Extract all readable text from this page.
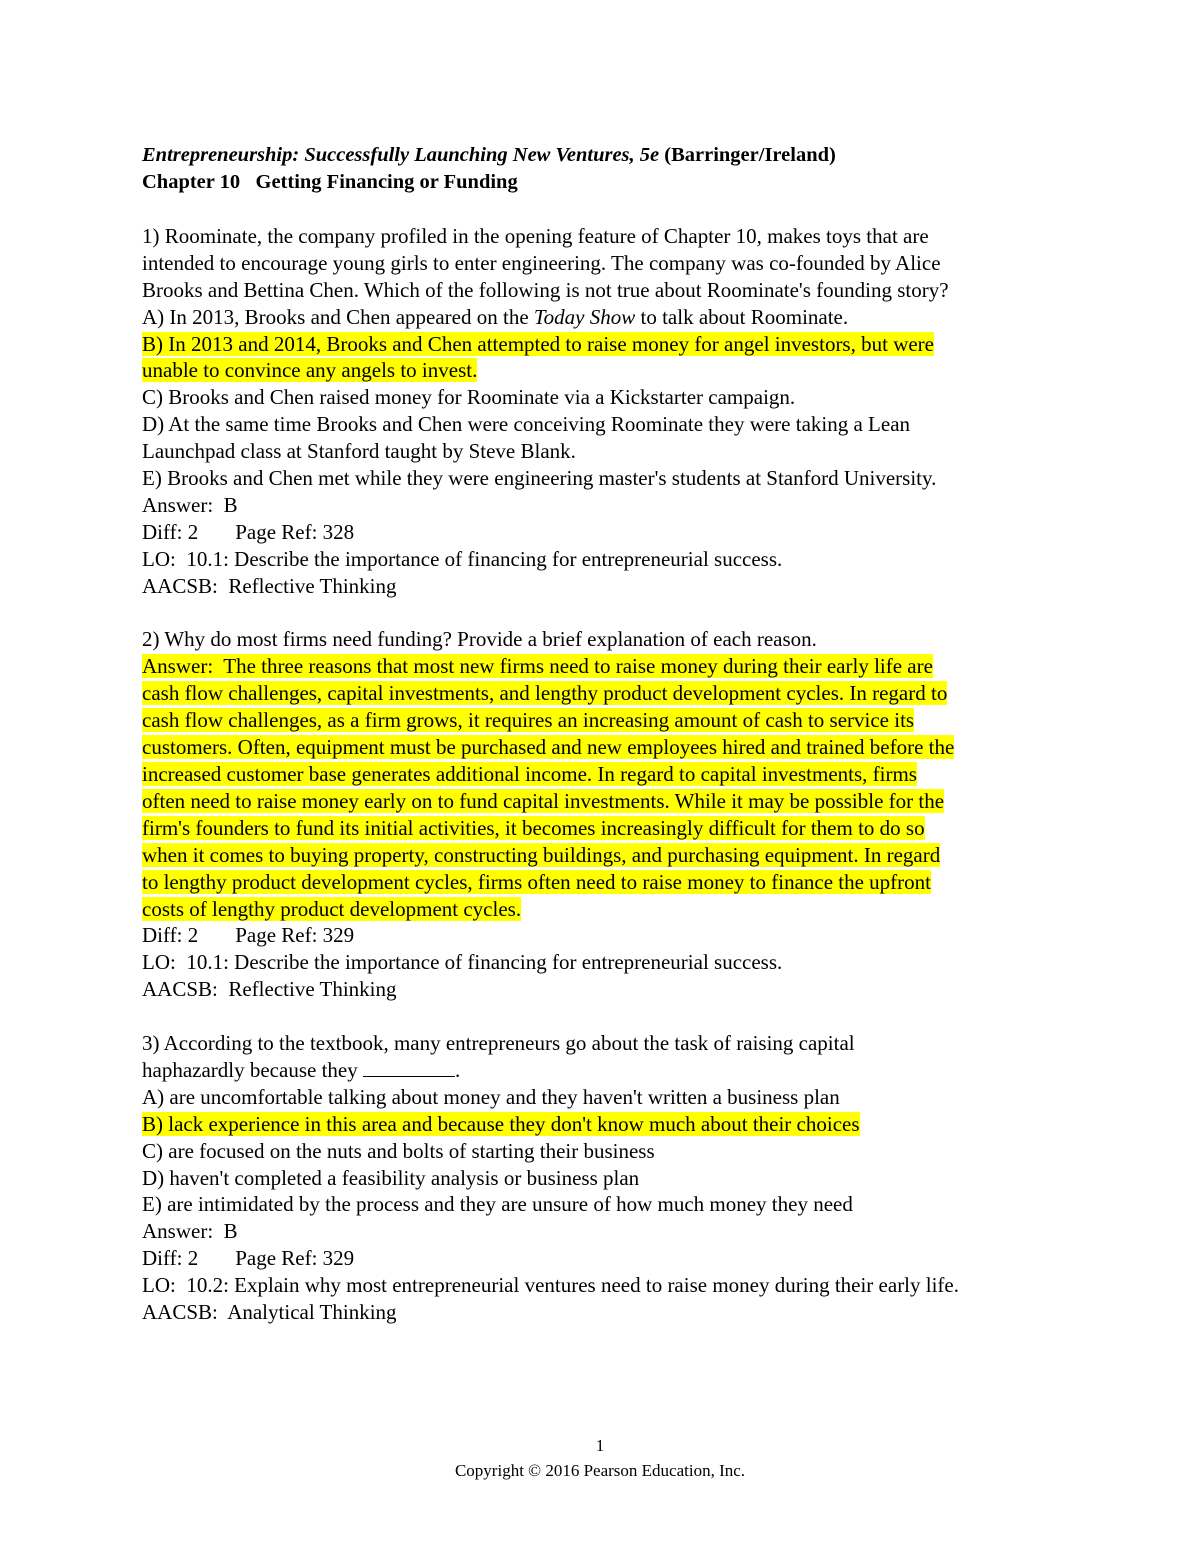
Entrepreneurship: Successfully Launching New Ventures, 5e (Barringer/Ireland)
Chapter 10   Getting Financing or Funding
1) Roominate, the company profiled in the opening feature of Chapter 10, makes toys that are
intended to encourage young girls to enter engineering. The company was co-founded by Alice
Brooks and Bettina Chen. Which of the following is not true about Roominate's founding story?
A) In 2013, Brooks and Chen appeared on the Today Show to talk about Roominate.
B) In 2013 and 2014, Brooks and Chen attempted to raise money for angel investors, but were
unable to convince any angels to invest.
C) Brooks and Chen raised money for Roominate via a Kickstarter campaign.
D) At the same time Brooks and Chen were conceiving Roominate they were taking a Lean
Launchpad class at Stanford taught by Steve Blank.
E) Brooks and Chen met while they were engineering master's students at Stanford University.
Answer:  B
Diff: 2 Page Ref: 328
LO:  10.1: Describe the importance of financing for entrepreneurial success.
AACSB:  Reflective Thinking
2) Why do most firms need funding? Provide a brief explanation of each reason.
Answer:  The three reasons that most new firms need to raise money during their early life are
cash flow challenges, capital investments, and lengthy product development cycles. In regard to
cash flow challenges, as a firm grows, it requires an increasing amount of cash to service its
customers. Often, equipment must be purchased and new employees hired and trained before the
increased customer base generates additional income. In regard to capital investments, firms
often need to raise money early on to fund capital investments. While it may be possible for the
firm's founders to fund its initial activities, it becomes increasingly difficult for them to do so
when it comes to buying property, constructing buildings, and purchasing equipment. In regard
to lengthy product development cycles, firms often need to raise money to finance the upfront
costs of lengthy product development cycles.
Diff: 2 Page Ref: 329
LO:  10.1: Describe the importance of financing for entrepreneurial success.
AACSB:  Reflective Thinking
3) According to the textbook, many entrepreneurs go about the task of raising capital
haphazardly because they	.
A) are uncomfortable talking about money and they haven't written a business plan
B) lack experience in this area and because they don't know much about their choices
C) are focused on the nuts and bolts of starting their business
D) haven't completed a feasibility analysis or business plan
E) are intimidated by the process and they are unsure of how much money they need
Answer:  B
Diff: 2 Page Ref: 329
LO:  10.2: Explain why most entrepreneurial ventures need to raise money during their early life.
AACSB:  Analytical Thinking
1
Copyright © 2016 Pearson Education, Inc.
